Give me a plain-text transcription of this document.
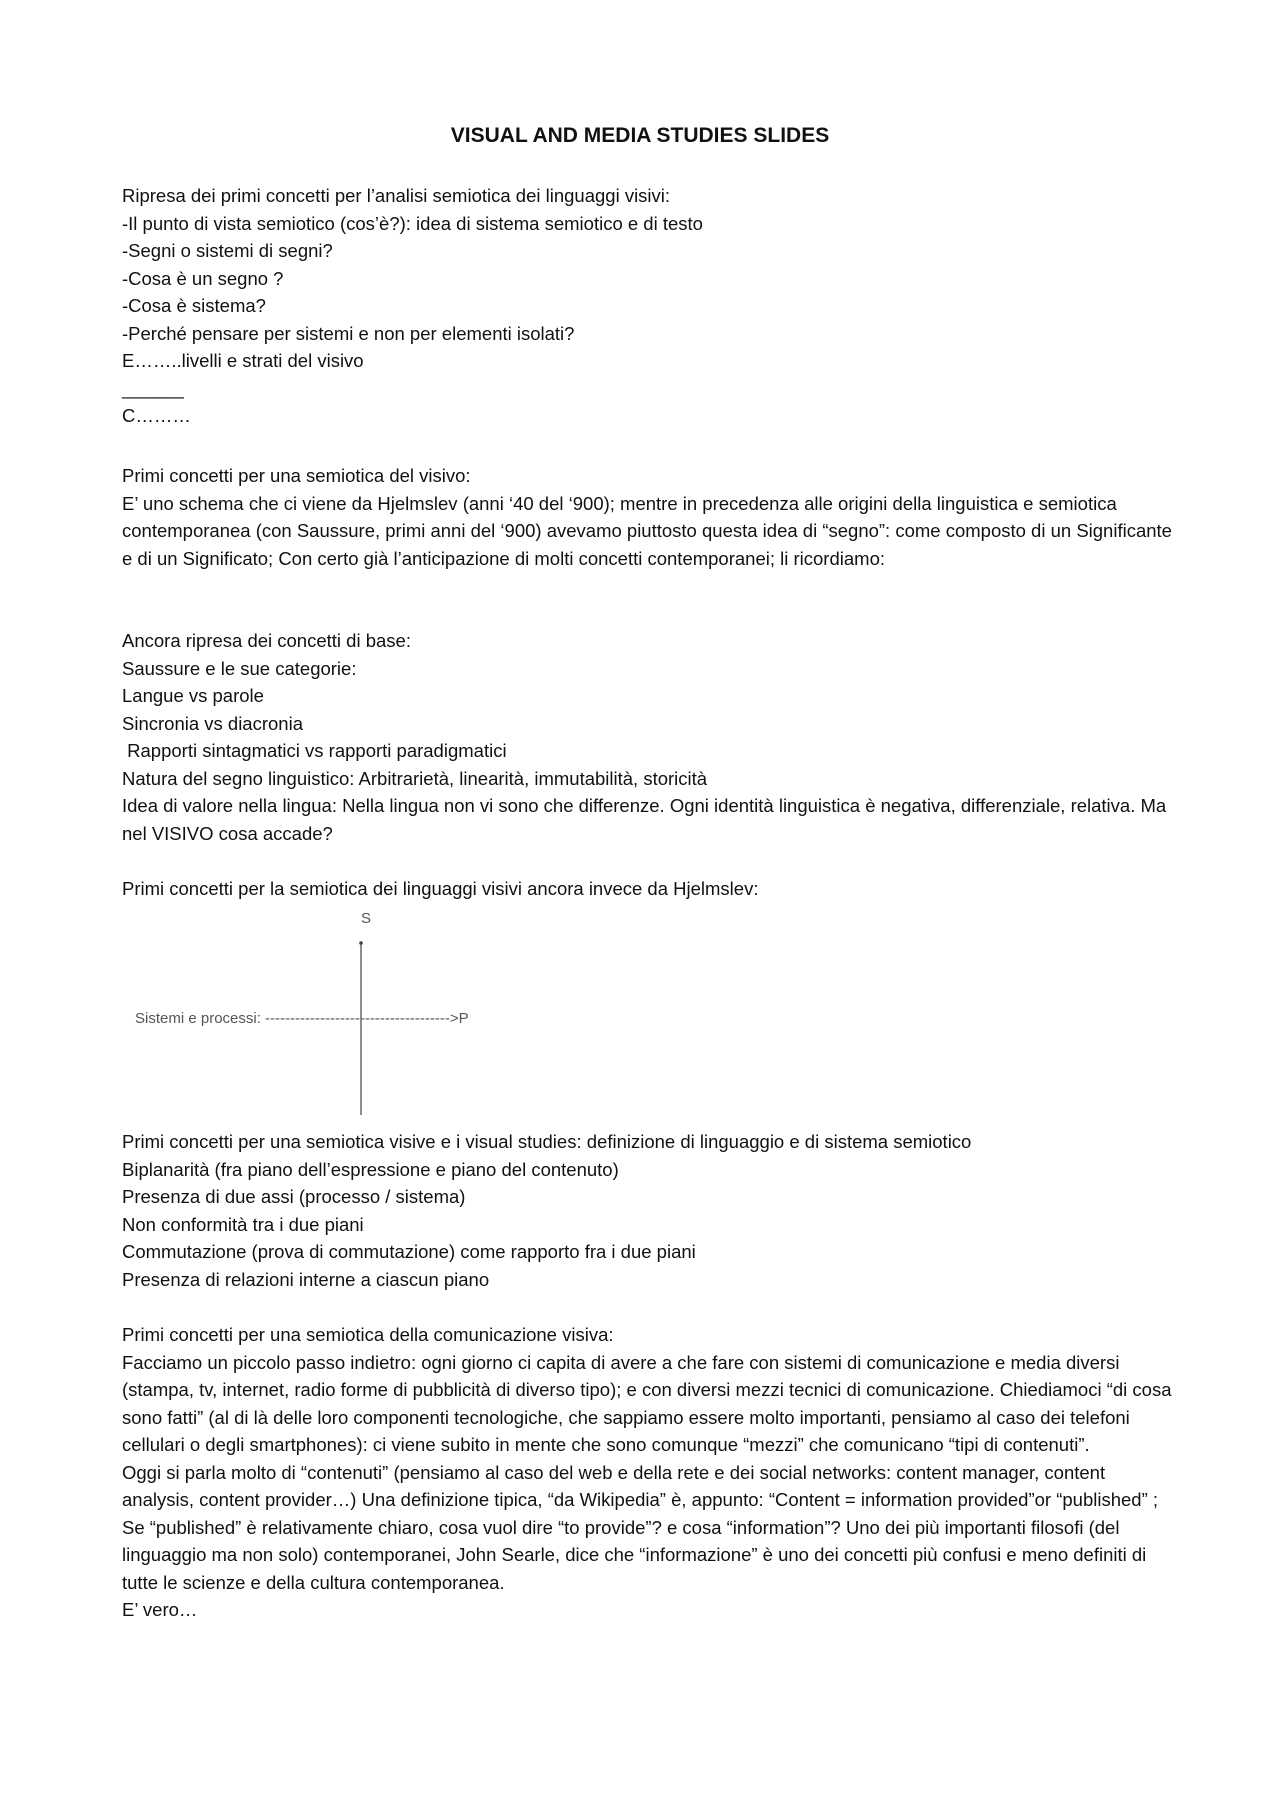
VISUAL AND MEDIA STUDIES SLIDES
Ripresa dei primi concetti per l’analisi semiotica dei linguaggi visivi:
-Il punto di vista semiotico (cos’è?): idea di sistema semiotico e di testo
-Segni o sistemi di segni?
-Cosa è un segno ?
-Cosa è sistema?
-Perché pensare per sistemi e non per elementi isolati?
E……..livelli e strati del visivo
______
C………
Primi concetti per una semiotica del visivo:
E’ uno schema che ci viene da Hjelmslev (anni ‘40 del ‘900); mentre in precedenza alle origini della linguistica e semiotica contemporanea (con Saussure, primi anni del ‘900) avevamo piuttosto questa idea di “segno”: come composto di un Significante e di un Significato; Con certo già l’anticipazione di molti concetti contemporanei; li ricordiamo:
Ancora ripresa dei concetti di base:
Saussure e le sue categorie:
Langue vs parole
Sincronia vs diacronia
Rapporti sintagmatici vs rapporti paradigmatici
Natura del segno linguistico: Arbitrarietà, linearità, immutabilità, storicità
Idea di valore nella lingua: Nella lingua non vi sono che differenze. Ogni identità linguistica è negativa, differenziale, relativa. Ma nel VISIVO cosa accade?
Primi concetti per la semiotica dei linguaggi visivi ancora invece da Hjelmslev:
S
Sistemi e processi: ------------------------------------->P
Primi concetti per una semiotica visive e i visual studies: definizione di linguaggio e di sistema semiotico
Biplanarità (fra piano dell’espressione e piano del contenuto)
Presenza di due assi (processo / sistema)
Non conformità tra i due piani
Commutazione (prova di commutazione) come rapporto fra i due piani
Presenza di relazioni interne a ciascun piano
Primi concetti per una semiotica della comunicazione visiva:
Facciamo un piccolo passo indietro: ogni giorno ci capita di avere a che fare con sistemi di comunicazione e media diversi (stampa, tv, internet, radio forme di pubblicità di diverso tipo); e con diversi mezzi tecnici di comunicazione. Chiediamoci “di cosa sono fatti” (al di là delle loro componenti tecnologiche, che sappiamo essere molto importanti, pensiamo al caso dei telefoni cellulari o degli smartphones): ci viene subito in mente che sono comunque “mezzi” che comunicano “tipi di contenuti”.
Oggi si parla molto di “contenuti” (pensiamo al caso del web e della rete e dei social networks: content manager, content analysis, content provider…) Una definizione tipica, “da Wikipedia” è, appunto: “Content = information provided”or “published” ; Se “published” è relativamente chiaro, cosa vuol dire “to provide”? e cosa “information”? Uno dei più importanti filosofi (del linguaggio ma non solo) contemporanei, John Searle, dice che “informazione” è uno dei concetti più confusi e meno definiti di tutte le scienze e della cultura contemporanea.
E’ vero…
